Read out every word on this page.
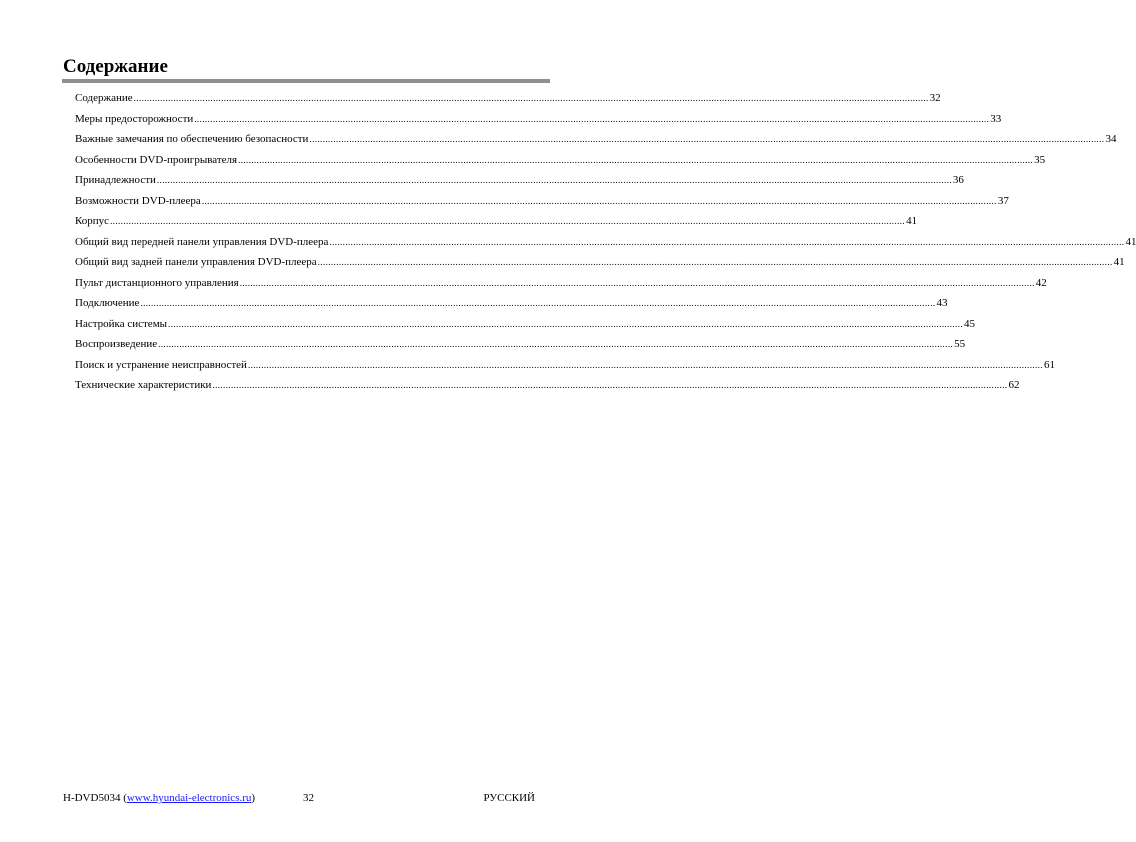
Содержание
Содержание ............................................................................................................................................................................................................................................................................................................ 32
Меры предосторожности ............................................................................................................................................................................................................................................................................................................ 33
Важные замечания по обеспечению безопасности ............................................................................................................................................................................................................................................................................................................ 34
Особенности DVD-проигрывателя ............................................................................................................................................................................................................................................................................................................ 35
Принадлежности ............................................................................................................................................................................................................................................................................................................ 36
Возможности DVD-плеера ............................................................................................................................................................................................................................................................................................................ 37
Корпус ............................................................................................................................................................................................................................................................................................................ 41
Общий вид передней панели управления DVD-плеера ............................................................................................................................................................................................................................................................................................................ 41
Общий вид задней панели управления DVD-плеера ............................................................................................................................................................................................................................................................................................................ 41
Пульт дистанционного управления ............................................................................................................................................................................................................................................................................................................ 42
Подключение ............................................................................................................................................................................................................................................................................................................ 43
Настройка системы ............................................................................................................................................................................................................................................................................................................ 45
Воспроизведение ............................................................................................................................................................................................................................................................................................................ 55
Поиск и устранение неисправностей ............................................................................................................................................................................................................................................................................................................ 61
Технические характеристики ............................................................................................................................................................................................................................................................................................................ 62
H-DVD5034 (www.hyundai-electronics.ru)	32	РУССКИЙ
